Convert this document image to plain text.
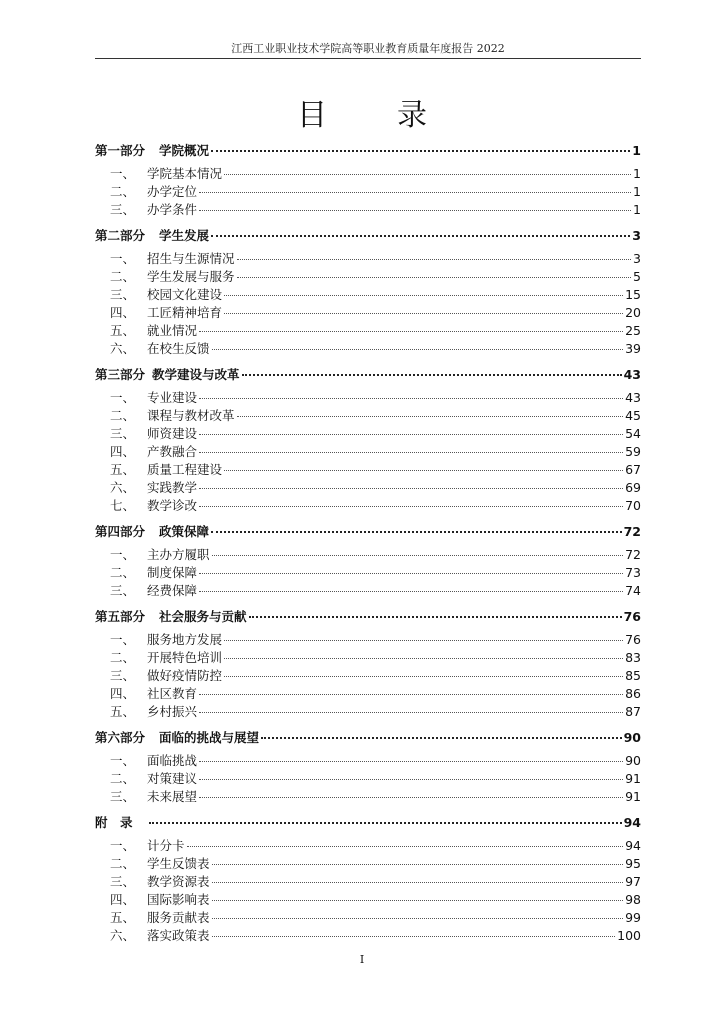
江西工业职业技术学院高等职业教育质量年度报告 2022
目 录
第一部分 学院概况	1
一、 学院基本情况	1
二、 办学定位	1
三、 办学条件	1
第二部分 学生发展	3
一、 招生与生源情况	3
二、 学生发展与服务	5
三、 校园文化建设	15
四、 工匠精神培育	20
五、 就业情况	25
六、 在校生反馈	39
第三部分 教学建设与改革	43
一、 专业建设	43
二、 课程与教材改革	45
三、 师资建设	54
四、 产教融合	59
五、 质量工程建设	67
六、 实践教学	69
七、 教学诊改	70
第四部分 政策保障	72
一、 主办方履职	72
二、 制度保障	73
三、 经费保障	74
第五部分 社会服务与贡献	76
一、 服务地方发展	76
二、 开展特色培训	83
三、 做好疫情防控	85
四、 社区教育	86
五、 乡村振兴	87
第六部分 面临的挑战与展望	90
一、 面临挑战	90
二、 对策建议	91
三、 未来展望	91
附　录	94
一、 计分卡	94
二、 学生反馈表	95
三、 教学资源表	97
四、 国际影响表	98
五、 服务贡献表	99
六、 落实政策表	100
I
